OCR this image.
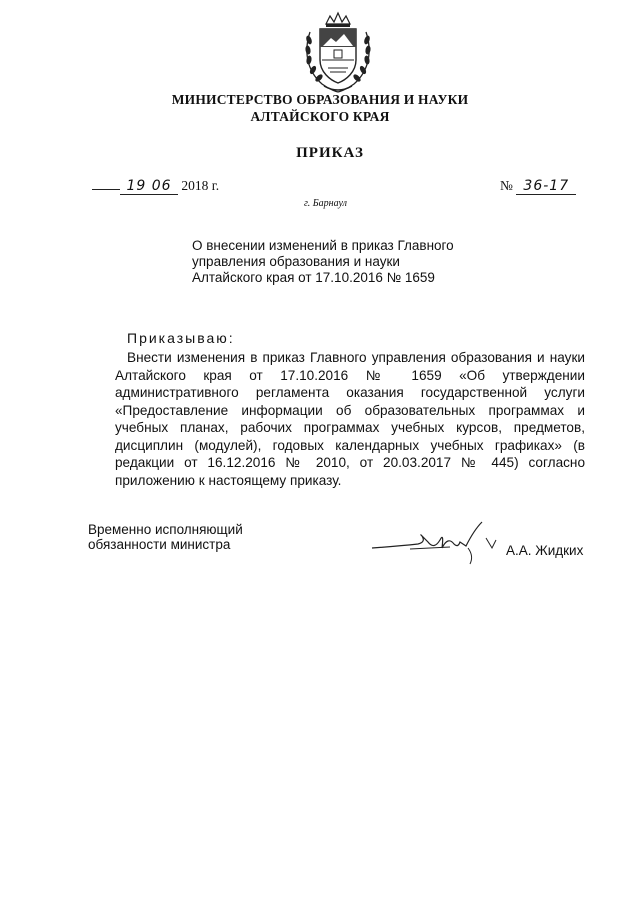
МИНИСТЕРСТВО ОБРАЗОВАНИЯ И НАУКИ
АЛТАЙСКОГО КРАЯ
ПРИКАЗ
19 06 2018 г.	№ 36-17
г. Барнаул
О внесении изменений в приказ Главного управления образования и науки Алтайского края от 17.10.2016 № 1659
Приказываю:
Внести изменения в приказ Главного управления образования и науки Алтайского края от 17.10.2016 № 1659 «Об утверждении административного регламента оказания государственной услуги «Предоставление информации об образовательных программах и учебных планах, рабочих программах учебных курсов, предметов, дисциплин (модулей), годовых календарных учебных графиках» (в редакции от 16.12.2016 № 2010, от 20.03.2017 № 445) согласно приложению к настоящему приказу.
Временно исполняющий
обязанности министра	А.А. Жидких
